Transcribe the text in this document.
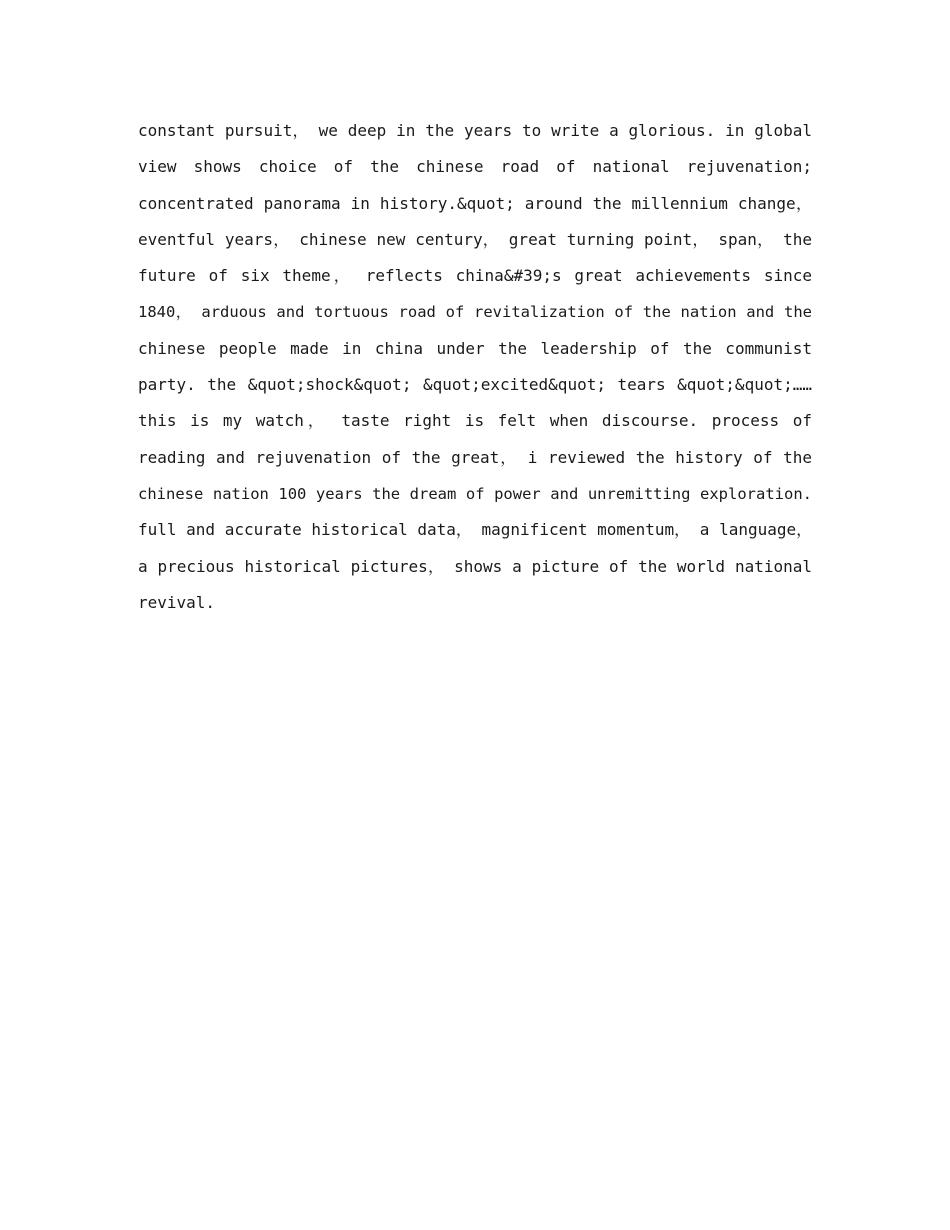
constant pursuit， we deep in the years to write a glorious. in global
view shows choice of the chinese road of national rejuvenation;
concentrated panorama in history.&quot; around the millennium change，
eventful years， chinese new century， great turning point， span， the
future of six theme， reflects china&#39;s great achievements since
1840， arduous and tortuous road of revitalization of the nation and the
chinese people made in china under the leadership of the communist
party. the &quot;shock&quot; &quot;excited&quot; tears &quot;&quot;……
this is my watch， taste right is felt when discourse. process of
reading and rejuvenation of the great， i reviewed the history of the
chinese nation 100 years the dream of power and unremitting exploration.
full and accurate historical data， magnificent momentum， a language，
a precious historical pictures， shows a picture of the world national
revival.
